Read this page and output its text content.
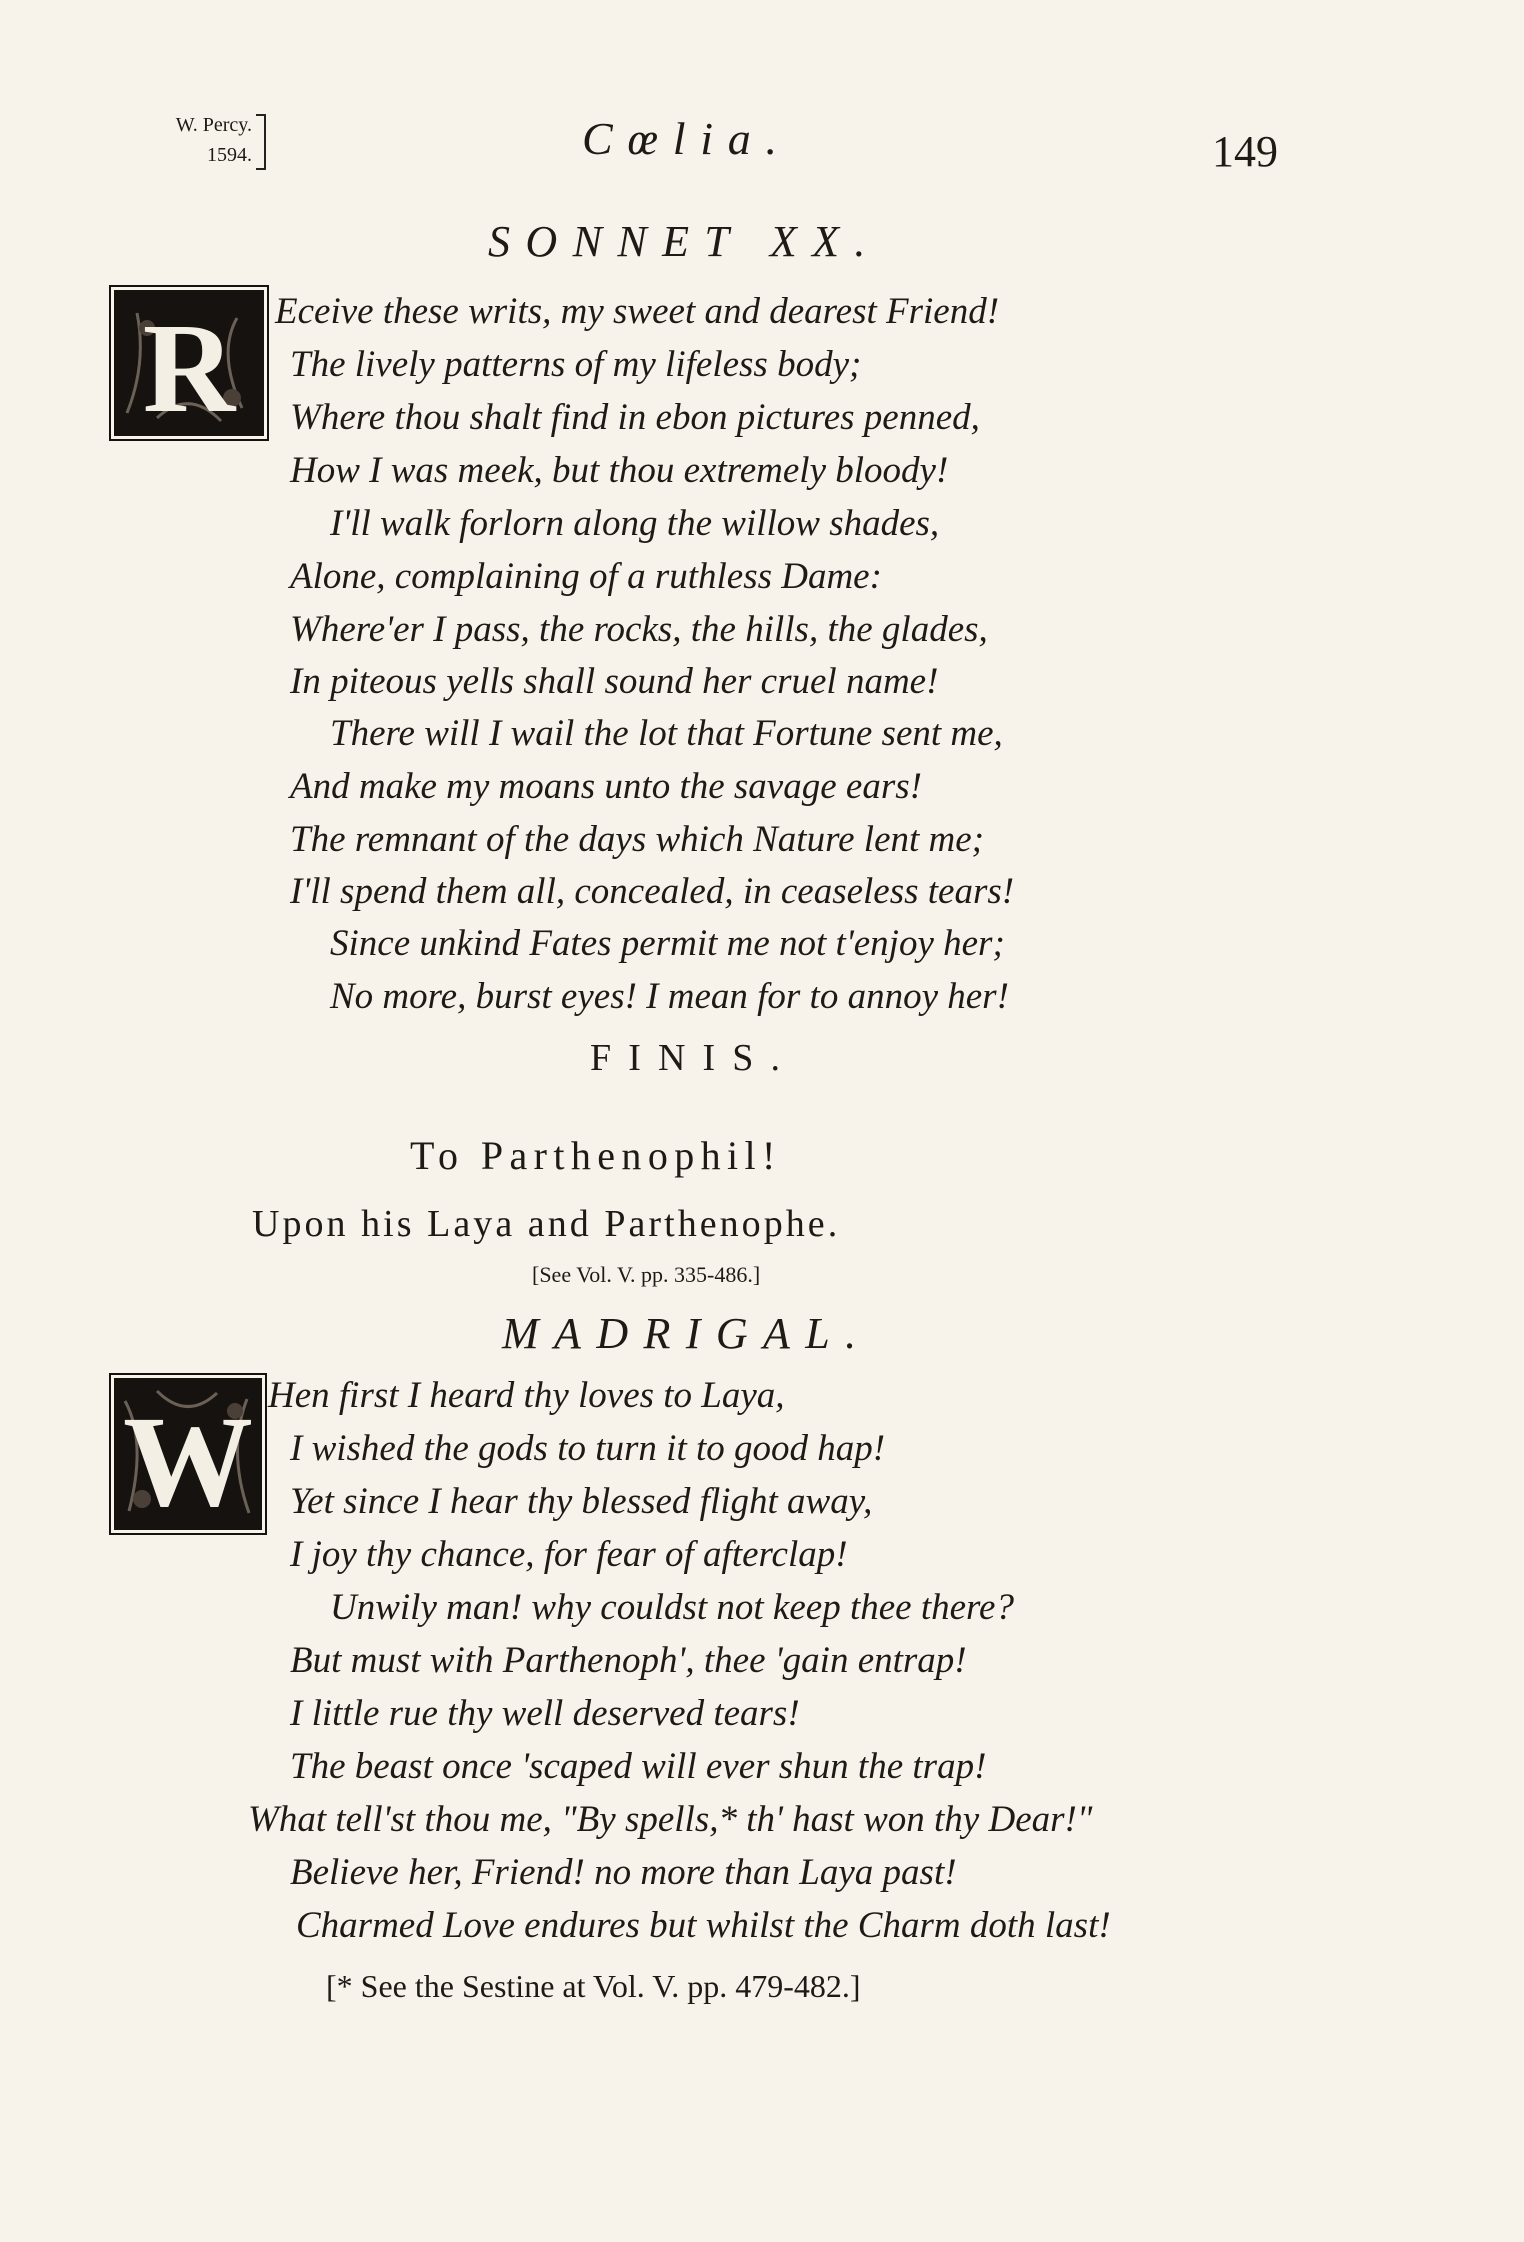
W. Percy.
1594.	Cœlia.	149
SONNET XX.
R Eceive these writs, my sweet and dearest Friend!
The lively patterns of my lifeless body;
Where thou shalt find in ebon pictures penned,
How I was meek, but thou extremely bloody!
I'll walk forlorn along the willow shades,
Alone, complaining of a ruthless Dame:
Where'er I pass, the rocks, the hills, the glades,
In piteous yells shall sound her cruel name!
There will I wail the lot that Fortune sent me,
And make my moans unto the savage ears!
The remnant of the days which Nature lent me;
I'll spend them all, concealed, in ceaseless tears!
Since unkind Fates permit me not t'enjoy her;
No more, burst eyes! I mean for to annoy her!
FINIS.
To Parthenophil!
Upon his Laya and Parthenophe.
[See Vol. V. pp. 335-486.]
MADRIGAL.
W Hen first I heard thy loves to Laya,
I wished the gods to turn it to good hap!
Yet since I hear thy blessed flight away,
I joy thy chance, for fear of afterclap!
Unwily man! why couldst not keep thee there?
But must with Parthenoph', thee 'gain entrap!
I little rue thy well deserved tears!
The beast once 'scaped will ever shun the trap!
What tell'st thou me, "By spells,* th' hast won thy Dear!"
Believe her, Friend! no more than Laya past!
Charmed Love endures but whilst the Charm doth last!
[* See the Sestine at Vol. V. pp. 479-482.]
